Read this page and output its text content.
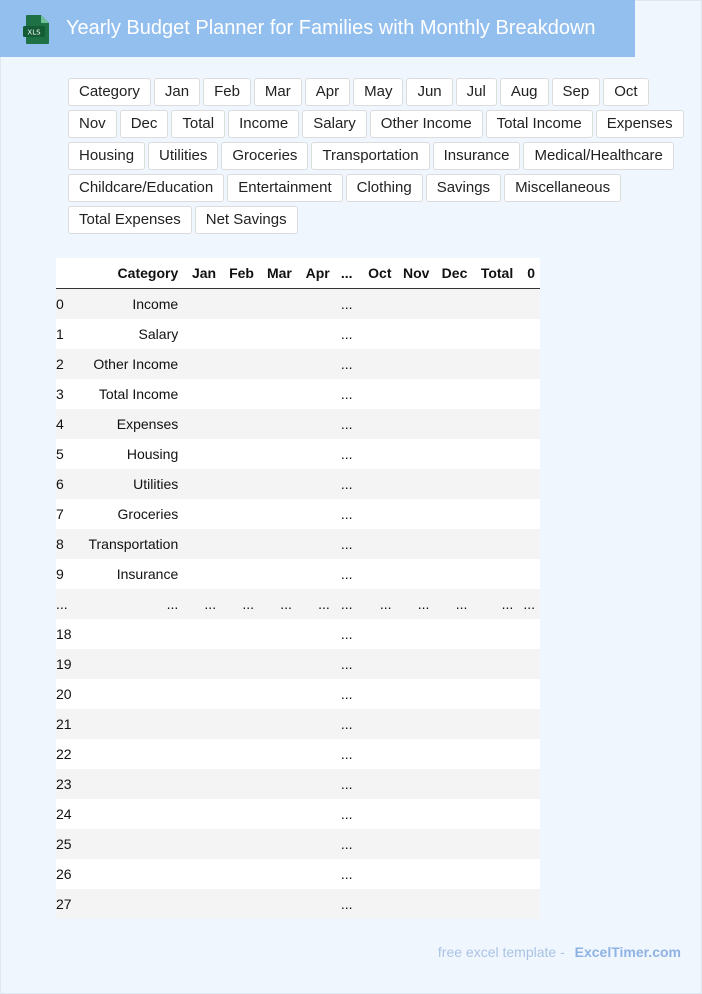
XLS Yearly Budget Planner for Families with Monthly Breakdown
Category	Jan	Feb	Mar	Apr	May	Jun	Jul	Aug	Sep	Oct
Nov	Dec	Total	Income	Salary	Other Income	Total Income	Expenses
Housing	Utilities	Groceries	Transportation	Insurance	Medical/Healthcare
Childcare/Education	Entertainment	Clothing	Savings	Miscellaneous
Total Expenses	Net Savings
	Category	Jan	Feb	Mar	Apr	...	Oct	Nov	Dec	Total	0
0	Income					...					
1	Salary					...					
2	Other Income					...					
3	Total Income					...					
4	Expenses					...					
5	Housing					...					
6	Utilities					...					
7	Groceries					...					
8	Transportation					...					
9	Insurance					...					
...	...	...	...	...	...	...	...	...	...	...	...
18						...					
19						...					
20						...					
21						...					
22						...					
23						...					
24						...					
25						...					
26						...					
27						...					
free excel template - ExcelTimer.com
